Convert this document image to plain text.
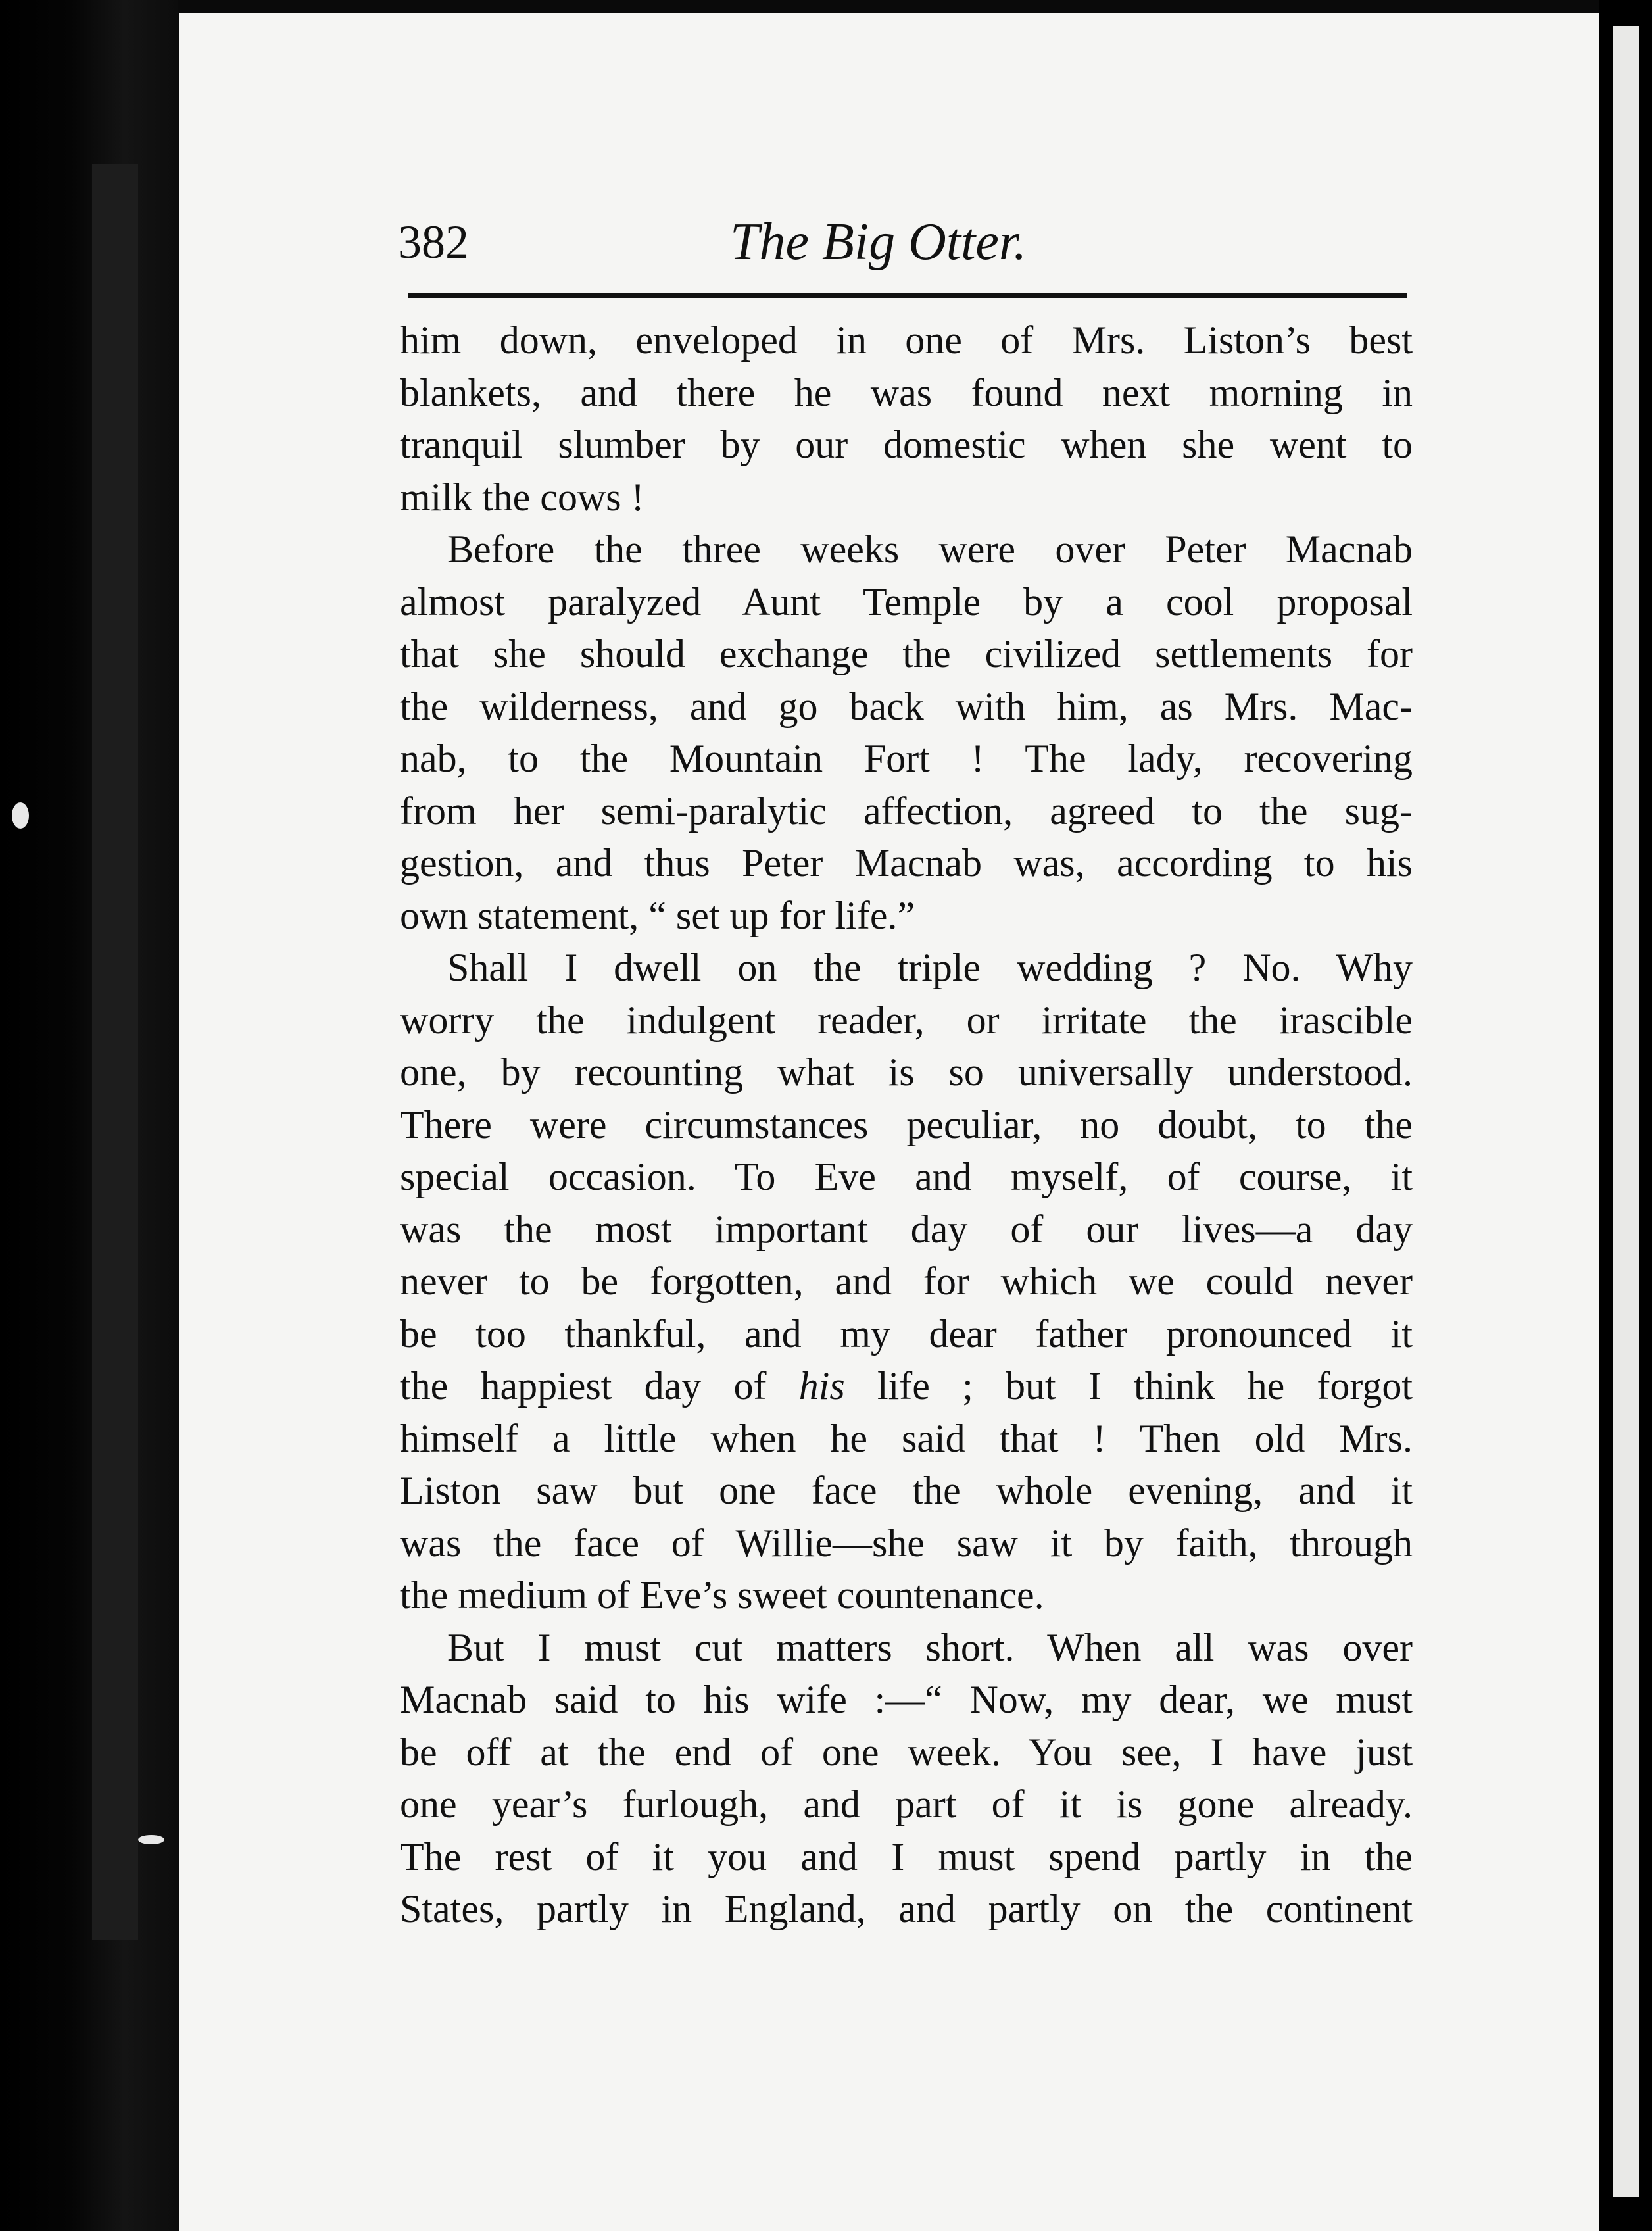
382	The Big Otter.
him down, enveloped in one of Mrs. Liston’s best
blankets, and there he was found next morning in
tranquil slumber by our domestic when she went to
milk the cows !
Before the three weeks were over Peter Macnab
almost paralyzed Aunt Temple by a cool proposal
that she should exchange the civilized settlements for
the wilderness, and go back with him, as Mrs. Mac-
nab, to the Mountain Fort ! The lady, recovering
from her semi-paralytic affection, agreed to the sug-
gestion, and thus Peter Macnab was, according to his
own statement, “ set up for life.”
Shall I dwell on the triple wedding ? No. Why
worry the indulgent reader, or irritate the irascible
one, by recounting what is so universally understood.
There were circumstances peculiar, no doubt, to the
special occasion. To Eve and myself, of course, it
was the most important day of our lives—a day
never to be forgotten, and for which we could never
be too thankful, and my dear father pronounced it
the happiest day of his life ; but I think he forgot
himself a little when he said that ! Then old Mrs.
Liston saw but one face the whole evening, and it
was the face of Willie—she saw it by faith, through
the medium of Eve’s sweet countenance.
But I must cut matters short. When all was over
Macnab said to his wife :—“ Now, my dear, we must
be off at the end of one week. You see, I have just
one year’s furlough, and part of it is gone already.
The rest of it you and I must spend partly in the
States, partly in England, and partly on the continent
